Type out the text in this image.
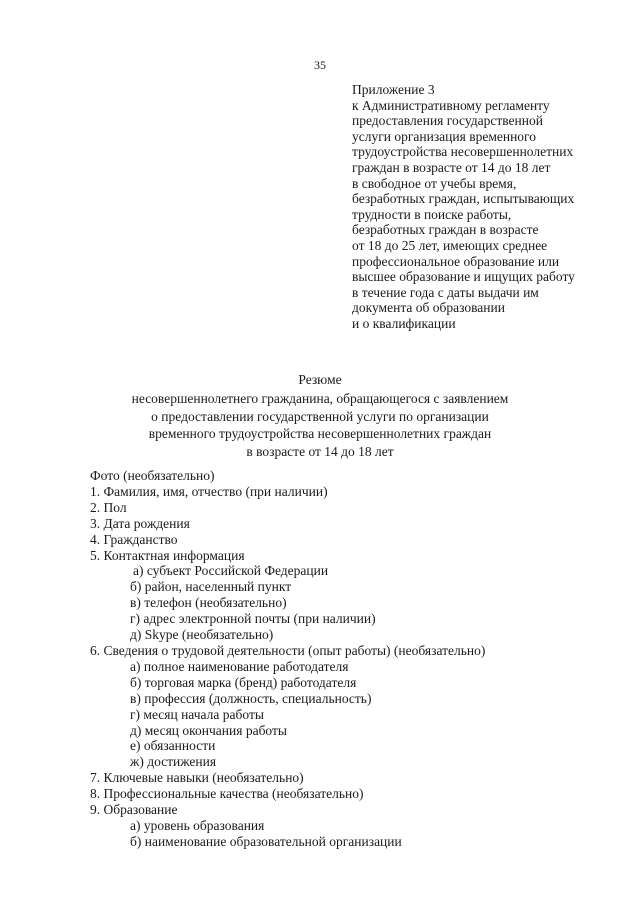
35
Приложение 3
к Административному регламенту
предоставления государственной
услуги организация временного
трудоустройства несовершеннолетних
граждан в возрасте от 14 до 18 лет
в свободное от учебы время,
безработных граждан, испытывающих
трудности в поиске работы,
безработных граждан в возрасте
от 18 до 25 лет, имеющих среднее
профессиональное образование или
высшее образование и ищущих работу
в течение года с даты выдачи им
документа об образовании
и о квалификации
Резюме
несовершеннолетнего гражданина, обращающегося с заявлением
о предоставлении государственной услуги по организации
временного трудоустройства несовершеннолетних граждан
в возрасте от 14 до 18 лет
Фото (необязательно)
1. Фамилия, имя, отчество (при наличии)
2. Пол
3. Дата рождения
4. Гражданство
5. Контактная информация
а) субъект Российской Федерации
б) район, населенный пункт
в) телефон (необязательно)
г) адрес электронной почты (при наличии)
д) Skype (необязательно)
6. Сведения о трудовой деятельности (опыт работы) (необязательно)
а) полное наименование работодателя
б) торговая марка (бренд) работодателя
в) профессия (должность, специальность)
г) месяц начала работы
д) месяц окончания работы
е) обязанности
ж) достижения
7. Ключевые навыки (необязательно)
8. Профессиональные качества (необязательно)
9. Образование
а) уровень образования
б) наименование образовательной организации
